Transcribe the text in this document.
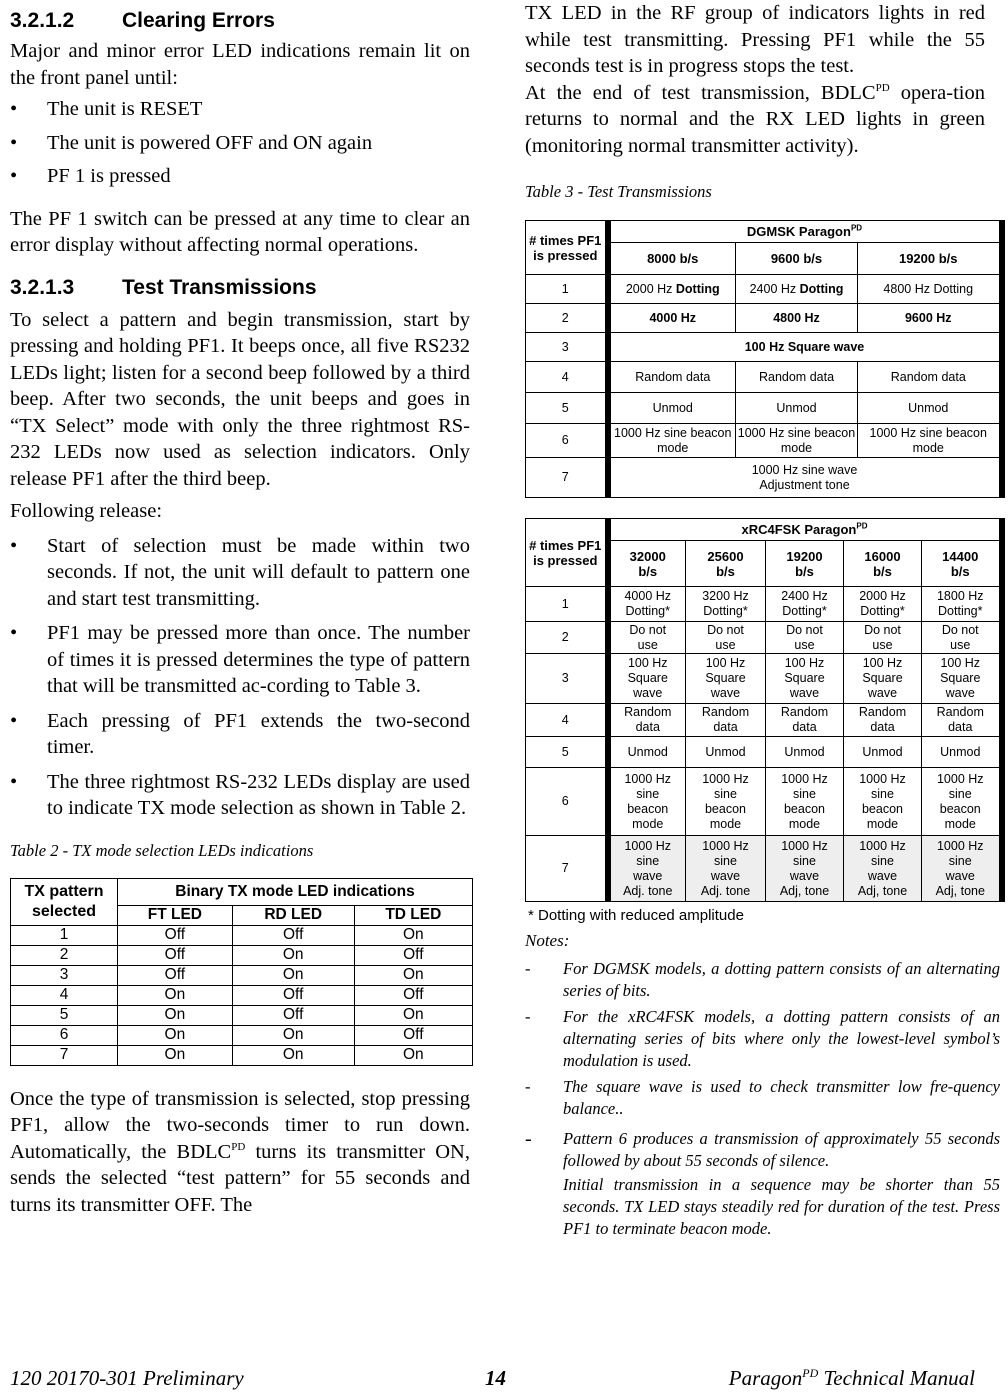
3.2.1.2 Clearing Errors

Major and minor error LED indications remain lit on the front panel until:

• The unit is RESET
• The unit is powered OFF and ON again
• PF 1 is pressed

The PF 1 switch can be pressed at any time to clear an error display without affecting normal operations.

3.2.1.3 Test Transmissions

To select a pattern and begin transmission, start by pressing and holding PF1. It beeps once, all five RS232 LEDs light; listen for a second beep followed by a third beep. After two seconds, the unit beeps and goes in “TX Select” mode with only the three rightmost RS-232 LEDs now used as selection indicators. Only release PF1 after the third beep.

Following release:

• Start of selection must be made within two seconds. If not, the unit will default to pattern one and start test transmitting.
• PF1 may be pressed more than once. The number of times it is pressed determines the type of pattern that will be transmitted ac-cording to Table 3.
• Each pressing of PF1 extends the two-second timer.
• The three rightmost RS-232 LEDs display are used to indicate TX mode selection as shown in Table 2.
Table 2 - TX mode selection LEDs indications
TX pattern selected	Binary TX mode LED indications		
	FT LED	RD LED	TD LED
1	Off	Off	On
2	Off	On	Off
3	Off	On	On
4	On	Off	Off
5	On	Off	On
6	On	On	Off
7	On	On	On

Once the type of transmission is selected, stop pressing PF1, allow the two-seconds timer to run down. Automatically, the $BDLC^{PD}$ turns its transmitter ON, sends the selected “test pattern” for 55 seconds and turns its transmitter OFF. The

TX LED in the RF group of indicators lights in red while test transmitting. Pressing PF1 while the 55 seconds test is in progress stops the test.

At the end of test transmission, $BDLC^{PD}$ opera-tion returns to normal and the RX LED lights in green (monitoring normal transmitter activity).

Table 3 - Test Transmissions
# times PF1 is pressed	DGMSK Paragon$^{PD}$
	8000 b/s	9600 b/s	19200 b/s
1	2000 Hz Dotting	2400 Hz Dotting	4800 Hz Dotting
2	4000 Hz	4800 Hz	9600 Hz
3	100 Hz Square wave		
4	Random data	Random data	Random data
5	Unmod	Unmod	Unmod
6	1000 Hz sine beacon mode	1000 Hz sine beacon mode	1000 Hz sine beacon mode
7	1000 Hz sine wave
Adjustment tone		
# times PF1 is pressed	xRC4FSK Paragon$^{PD}$
	32000
b/s	25600
b/s	19200
b/s	16000
b/s	14400
b/s
1	4000 Hz
Dotting*	3200 Hz
Dotting*	2400 Hz
Dotting*	2000 Hz
Dotting*	1800 Hz
Dotting*
2	Do not
use	Do not
use	Do not
use	Do not
use	Do not
use
3	100 Hz
Square
wave	100 Hz
Square
wave	100 Hz
Square
wave	100 Hz
Square
wave	100 Hz
Square
wave
4	Random
data	Random
data	Random
data	Random
data	Random
data
5	Unmod	Unmod	Unmod	Unmod	Unmod
6	1000 Hz
sine
beacon
mode	1000 Hz
sine
beacon
mode	1000 Hz
sine
beacon
mode	1000 Hz
sine
beacon
mode	1000 Hz
sine
beacon
mode
7	1000 Hz
sine
wave
Adj. tone	1000 Hz
sine
wave
Adj. tone	1000 Hz
sine
wave
Adj, tone	1000 Hz
sine
wave
Adj, tone	1000 Hz
sine
wave
Adj, tone
* Dotting with reduced amplitude
Notes:
- For DGMSK models, a dotting pattern consists of an alternating series of bits.
- For the xRC4FSK models, a dotting pattern consists of an alternating series of bits where only the lowest-level symbol’s modulation is used.
- The square wave is used to check transmitter low fre-quency balance..
- Pattern 6 produces a transmission of approximately 55 seconds followed by about 55 seconds of silence.
Initial transmission in a sequence may be shorter than 55 seconds. TX LED stays steadily red for duration of the test. Press PF1 to terminate beacon mode.
120 20170-301 Preliminary	14	Paragon$^{PD}$ Technical Manual
